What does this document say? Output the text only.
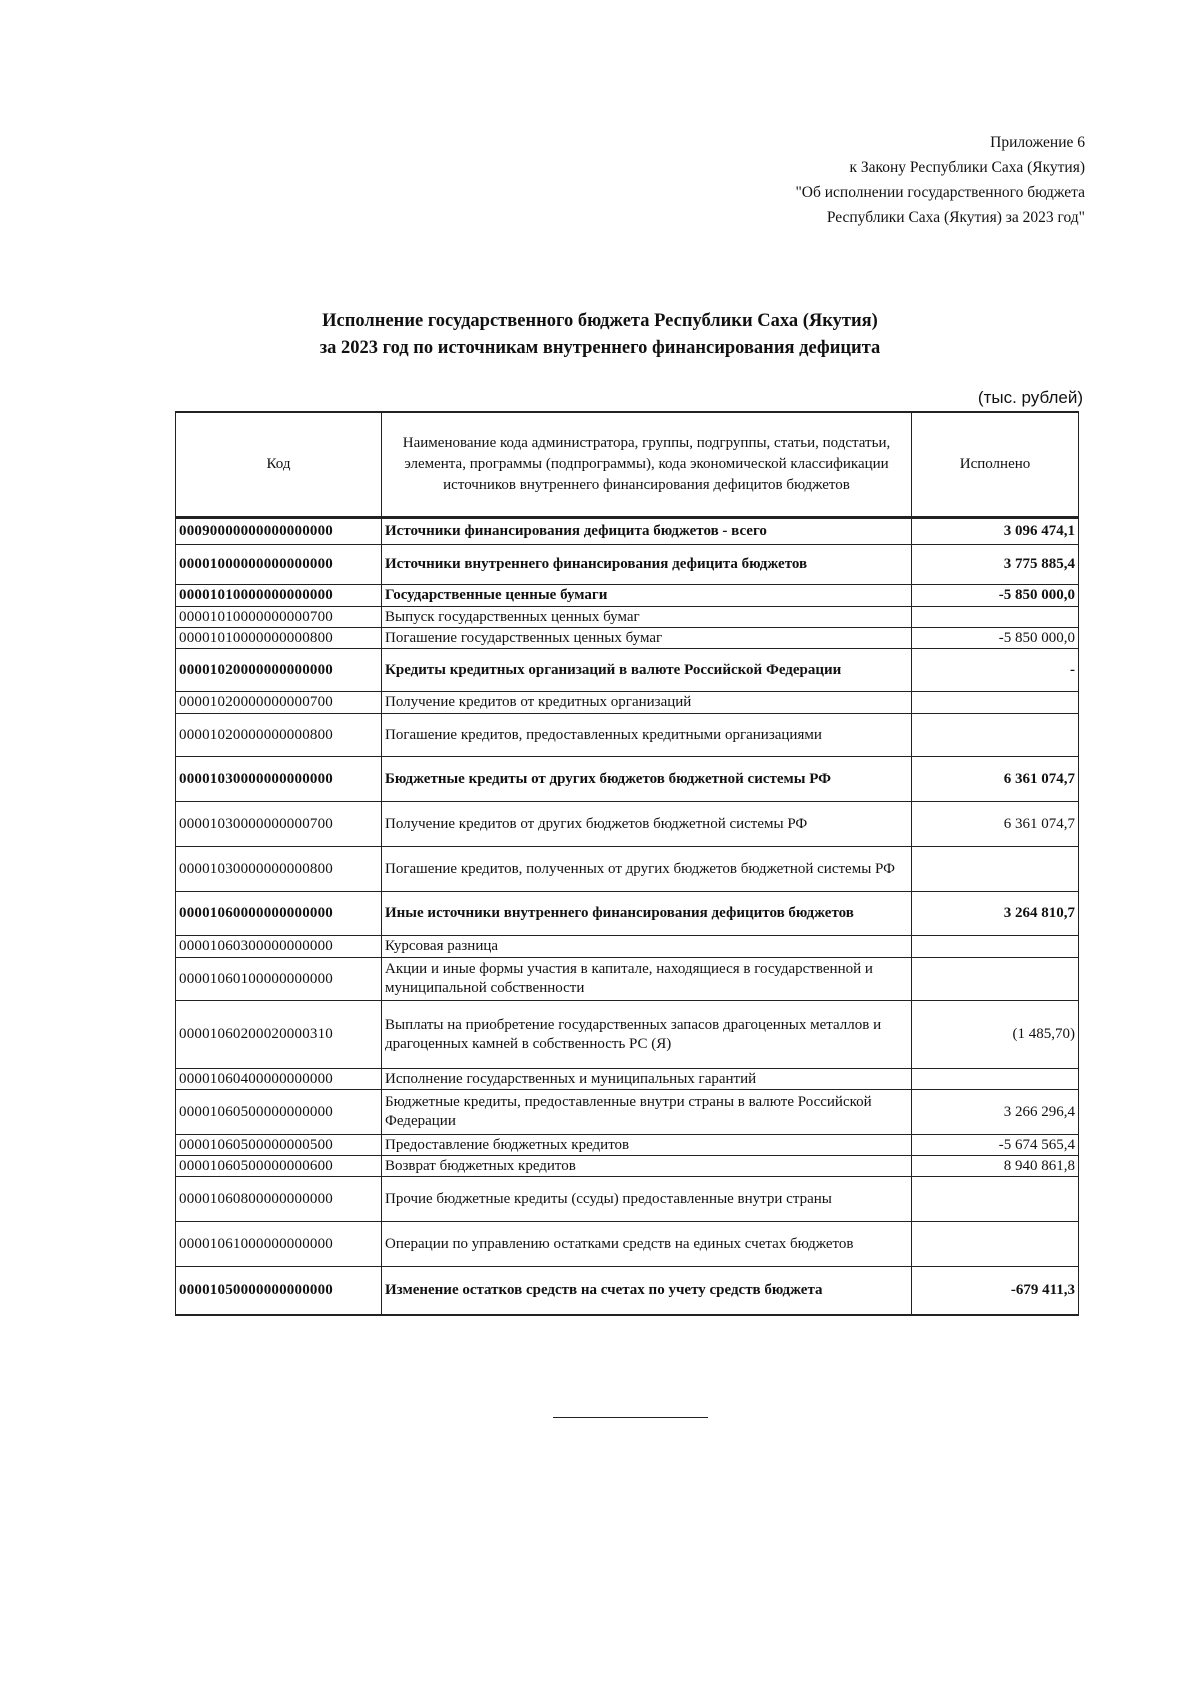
Приложение 6
к Закону Республики Саха (Якутия)
"Об исполнении государственного бюджета
Республики Саха (Якутия) за 2023 год"
Исполнение государственного бюджета Республики Саха (Якутия)
за 2023 год по источникам внутреннего финансирования дефицита
(тыс. рублей)
Код	Наименование кода администратора, группы, подгруппы, статьи, подстатьи, элемента, программы (подпрограммы), кода экономической классификации источников внутреннего финансирования дефицитов бюджетов	Исполнено
00090000000000000000	Источники финансирования дефицита бюджетов - всего	3 096 474,1
00001000000000000000	Источники внутреннего финансирования дефицита бюджетов	3 775 885,4
00001010000000000000	Государственные ценные бумаги	-5 850 000,0
00001010000000000700	Выпуск государственных ценных бумаг	
00001010000000000800	Погашение государственных ценных бумаг	-5 850 000,0
00001020000000000000	Кредиты кредитных организаций в валюте Российской Федерации	-
00001020000000000700	Получение кредитов от кредитных организаций	
00001020000000000800	Погашение кредитов, предоставленных кредитными организациями	
00001030000000000000	Бюджетные кредиты от других бюджетов бюджетной системы РФ	6 361 074,7
00001030000000000700	Получение кредитов от других бюджетов бюджетной системы РФ	6 361 074,7
00001030000000000800	Погашение кредитов, полученных от других бюджетов бюджетной системы РФ	
00001060000000000000	Иные источники внутреннего финансирования дефицитов бюджетов	3 264 810,7
00001060300000000000	Курсовая разница	
00001060100000000000	Акции и иные формы участия в капитале, находящиеся в государственной и муниципальной собственности	
00001060200020000310	Выплаты на приобретение государственных запасов драгоценных металлов и драгоценных камней в собственность РС (Я)	(1 485,70)
00001060400000000000	Исполнение государственных и муниципальных гарантий	
00001060500000000000	Бюджетные кредиты, предоставленные внутри страны в валюте Российской Федерации	3 266 296,4
00001060500000000500	Предоставление бюджетных кредитов	-5 674 565,4
00001060500000000600	Возврат бюджетных кредитов	8 940 861,8
00001060800000000000	Прочие бюджетные кредиты (ссуды) предоставленные внутри страны	
00001061000000000000	Операции по управлению остатками средств на единых счетах бюджетов	
00001050000000000000	Изменение остатков средств на счетах по учету средств бюджета	-679 411,3
